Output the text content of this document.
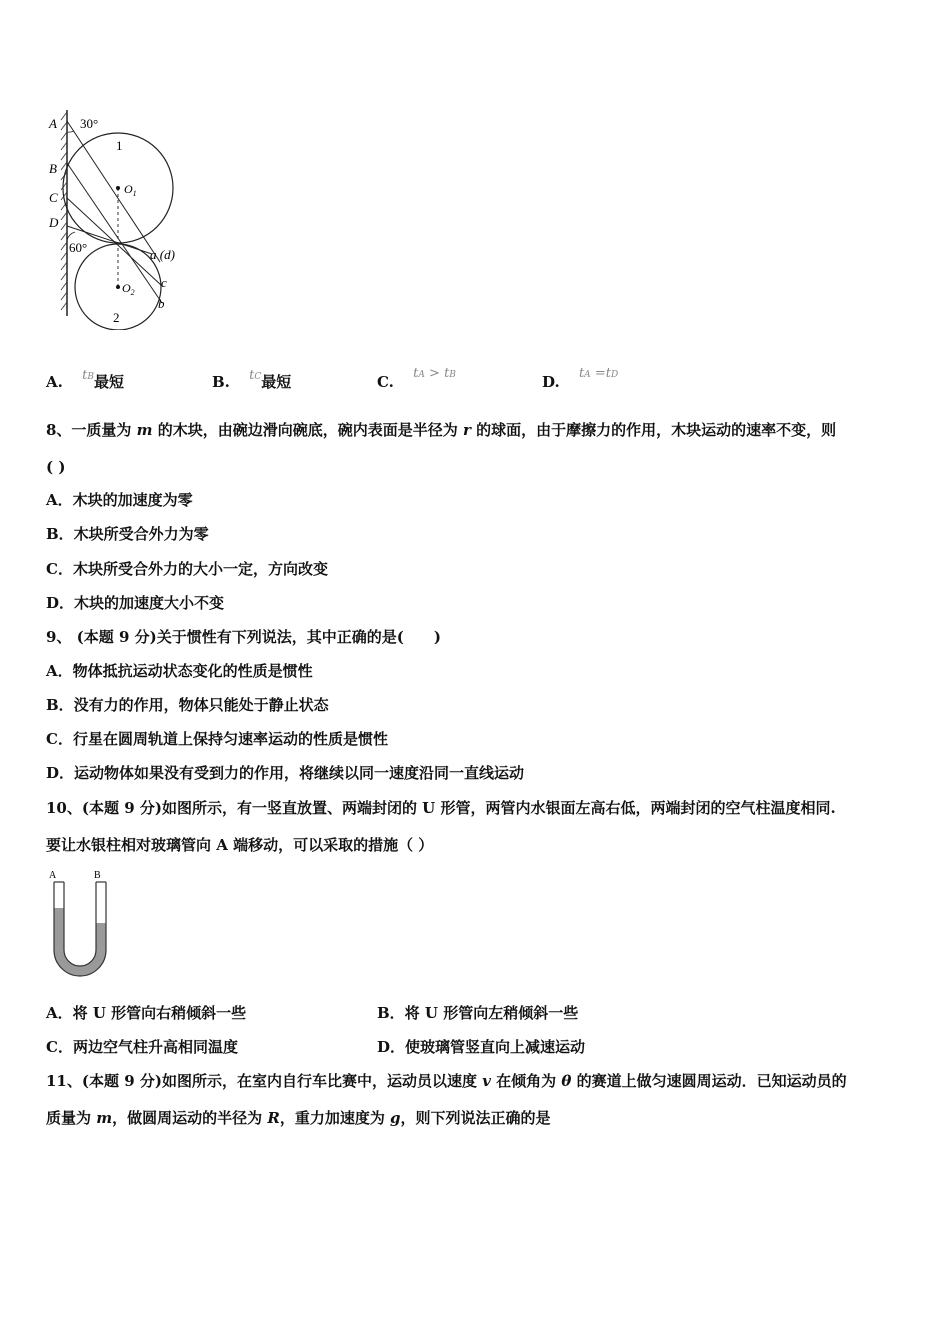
A
B
C
D
30°
60°
1
2
$O_1$
$O_2$
a (d)
c
b
A. tB最短	B. tC最短	C. tA > tB	D. tA =tD
8、一质量为 m 的木块，由碗边滑向碗底，碗内表面是半径为 r 的球面，由于摩擦力的作用，木块运动的速率不变，则
( )
A．木块的加速度为零
B．木块所受合外力为零
C．木块所受合外力的大小一定，方向改变
D．木块的加速度大小不变
9、 (本题 9 分)关于惯性有下列说法，其中正确的是(　　)
A．物体抵抗运动状态变化的性质是惯性
B．没有力的作用，物体只能处于静止状态
C．行星在圆周轨道上保持匀速率运动的性质是惯性
D．运动物体如果没有受到力的作用，将继续以同一速度沿同一直线运动
10、(本题 9 分)如图所示，有一竖直放置、两端封闭的 U 形管，两管内水银面左高右低，两端封闭的空气柱温度相同.
要让水银柱相对玻璃管向 A 端移动，可以采取的措施（ ）
A	B
A．将 U 形管向右稍倾斜一些	B．将 U 形管向左稍倾斜一些
C．两边空气柱升高相同温度	D．使玻璃管竖直向上减速运动
11、(本题 9 分)如图所示，在室内自行车比赛中，运动员以速度 v 在倾角为 θ 的赛道上做匀速圆周运动．已知运动员的
质量为 m，做圆周运动的半径为 R，重力加速度为 g，则下列说法正确的是
